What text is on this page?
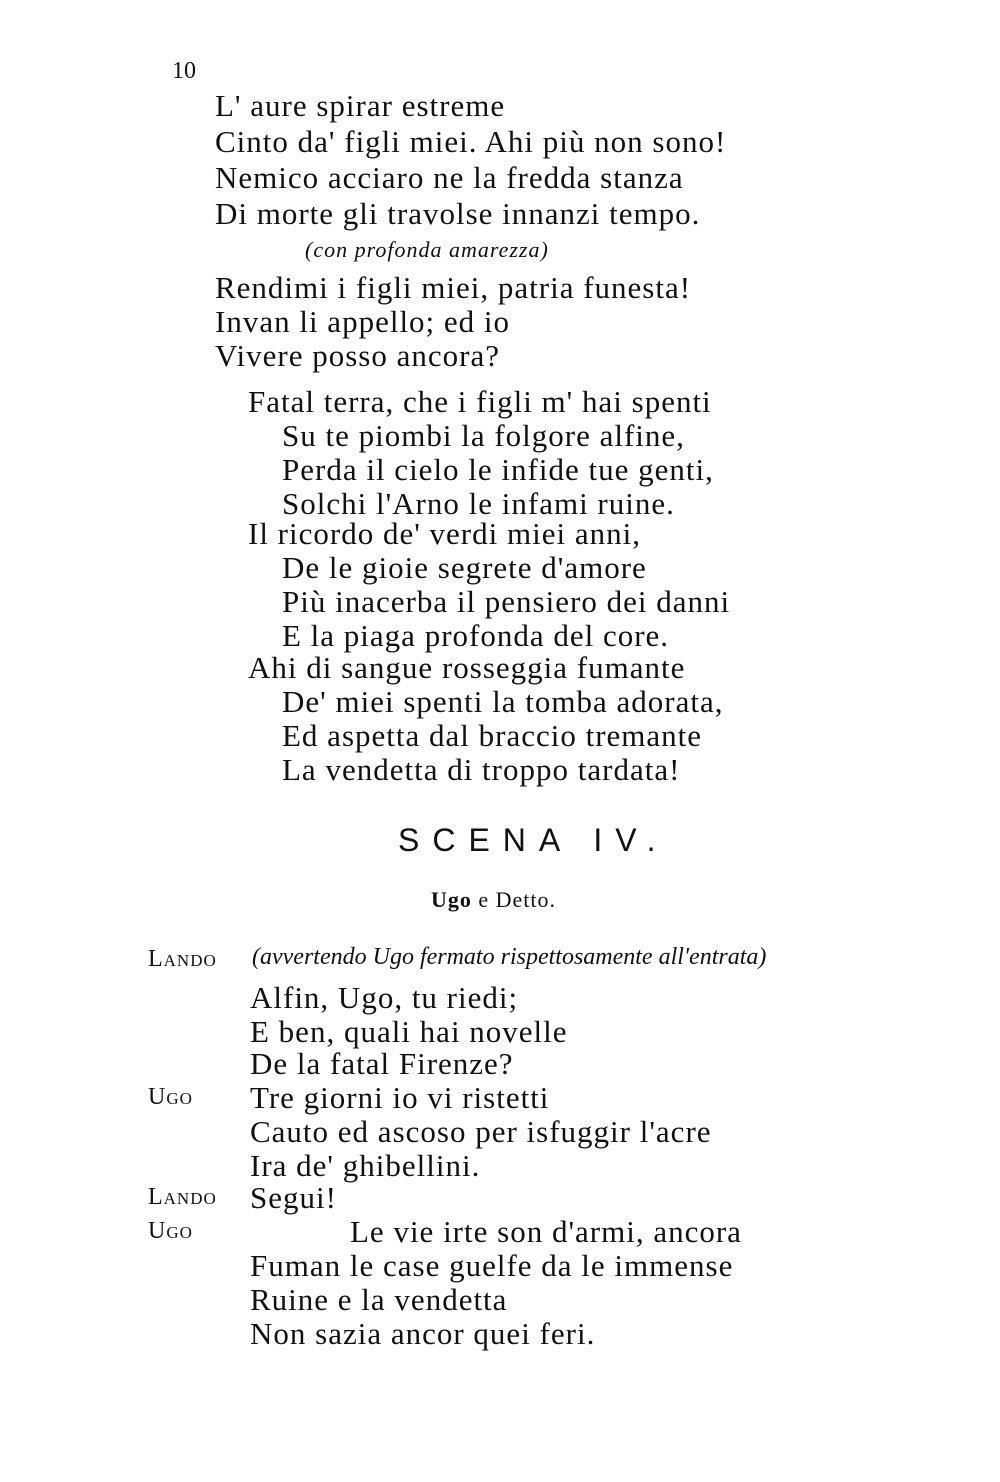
10
L' aure spirar estreme
Cinto da' figli miei. Ahi più non sono!
Nemico acciaro ne la fredda stanza
Di morte gli travolse innanzi tempo.
(con profonda amarezza)
Rendimi i figli miei, patria funesta!
Invan li appello; ed io
Vivere posso ancora?
Fatal terra, che i figli m' hai spenti
Su te piombi la folgore alfine,
Perda il cielo le infide tue genti,
Solchi l'Arno le infami ruine.
Il ricordo de' verdi miei anni,
De le gioie segrete d'amore
Più inacerba il pensiero dei danni
E la piaga profonda del core.
Ahi di sangue rosseggia fumante
De' miei spenti la tomba adorata,
Ed aspetta dal braccio tremante
La vendetta di troppo tardata!
SCENA IV.
Ugo e Detto.
Lando (avvertendo Ugo fermato rispettosamente all'entrata)
Alfin, Ugo, tu riedi;
E ben, quali hai novelle
De la fatal Firenze?
Ugo Tre giorni io vi ristetti
Cauto ed ascoso per isfuggir l'acre
Ira de' ghibellini.
Lando Segui!
Ugo	Le vie irte son d'armi, ancora
Fuman le case guelfe da le immense
Ruine e la vendetta
Non sazia ancor quei feri.
